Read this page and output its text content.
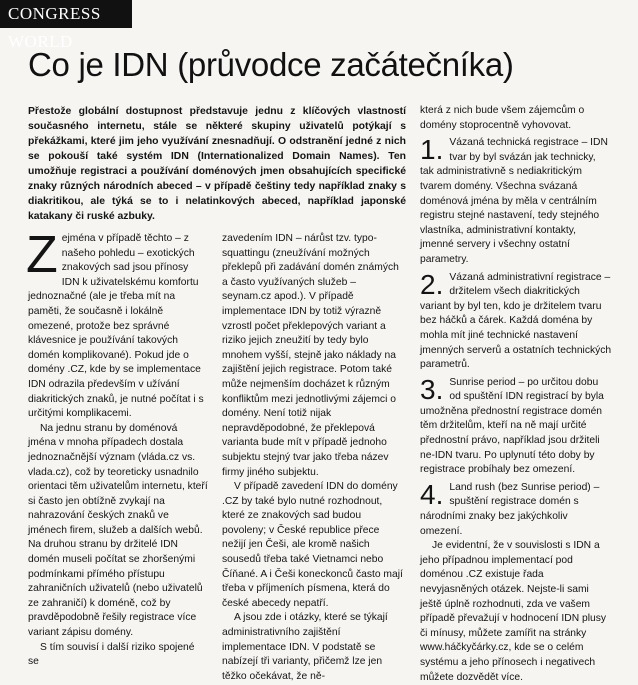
CONGRESS WORLD
Co je IDN (průvodce začátečníka)

Přestože globální dostupnost představuje jednu z klíčových vlastností současného internetu, stále se některé skupiny uživatelů potýkají s překážkami, které jim jeho využívání znesnadňují. O odstranění jedné z nich se pokouší také systém IDN (Internationalized Domain Names). Ten umožňuje registraci a používání doménových jmen obsahujících specifické znaky různých národních abeced – v případě češtiny tedy například znaky s diakritikou, ale týká se to i nelatinkových abeced, například japonské katakany či ruské azbuky.

Zejména v případě těchto – z našeho pohledu – exotických znakových sad jsou přínosy IDN k uživatelskému komfortu jednoznačné (ale je třeba mít na paměti, že současně i lokálně omezené, protože bez správné klávesnice je používání takových domén komplikované). Pokud jde o domény .CZ, kde by se implementace IDN odrazila především v užívání diakritických znaků, je nutné počítat i s určitými komplikacemi.

Na jednu stranu by doménová jména v mnoha případech dostala jednoznačnější význam (vláda.cz vs. vlada.cz), což by teoreticky usnadnilo orientaci těm uživatelům internetu, kteří si často jen obtížně zvykají na nahrazování českých znaků ve jménech firem, služeb a dalších webů. Na druhou stranu by držitelé IDN domén museli počítat se zhoršenými podmínkami přímého přístupu zahraničních uživatelů (nebo uživatelů ze zahraničí) k doméně, což by pravděpodobně řešily registrace více variant zápisu domény.

S tím souvisí i další riziko spojené se

zavedením IDN – nárůst tzv. typo-squattingu (zneužívání možných překlepů při zadávání domén známých a často využívaných služeb – seynam.cz apod.). V případě implementace IDN by totiž výrazně vzrostl počet překlepových variant a riziko jejich zneužití by tedy bylo mnohem vyšší, stejně jako náklady na zajištění jejich registrace. Potom také může nejmenším docházet k různým konfliktům mezi jednotlivými zájemci o domény. Není totiž nijak nepravděpodobné, že překlepová varianta bude mít v případě jednoho subjektu stejný tvar jako třeba název firmy jiného subjektu.

V případě zavedení IDN do domény .CZ by také bylo nutné rozhodnout, které ze znakových sad budou povoleny; v České republice přece nežijí jen Češi, ale kromě našich sousedů třeba také Vietnamci nebo Číňané. A i Češi koneckonců často mají třeba v příjmeních písmena, která do české abecedy nepatří.

A jsou zde i otázky, které se týkají administrativního zajištění implementace IDN. V podstatě se nabízejí tři varianty, přičemž lze jen těžko očekávat, že ně-

která z nich bude všem zájemcům o domény stoprocentně vyhovovat.

1. Vázaná technická registrace – IDN tvar by byl svázán jak technicky, tak administrativně s nediakritickým tvarem domény. Všechna svázaná doménová jména by měla v centrálním registru stejné nastavení, tedy stejného vlastníka, administrativní kontakty, jmenné servery i všechny ostatní parametry.
2. Vázaná administrativní registrace – držitelem všech diakritických variant by byl ten, kdo je držitelem tvaru bez háčků a čárek. Každá doména by mohla mít jiné technické nastavení jmenných serverů a ostatních technických parametrů.
3. Sunrise period – po určitou dobu od spuštění IDN registrací by byla umožněna přednostní registrace domén těm držitelům, kteří na ně mají určité přednostní právo, například jsou držiteli ne-IDN tvaru. Po uplynutí této doby by registrace probíhaly bez omezení.
4. Land rush (bez Sunrise period) – spuštění registrace domén s národními znaky bez jakýchkoliv omezení.

Je evidentní, že v souvislosti s IDN a jeho případnou implementací pod doménou .CZ existuje řada nevyjasněných otázek. Nejste-li sami ještě úplně rozhodnuti, zda ve vašem případě převažují v hodnocení IDN plusy či mínusy, můžete zamířit na stránky www.háčkyčárky.cz, kde se o celém systému a jeho přínosech i negativech můžete dozvědět více.
